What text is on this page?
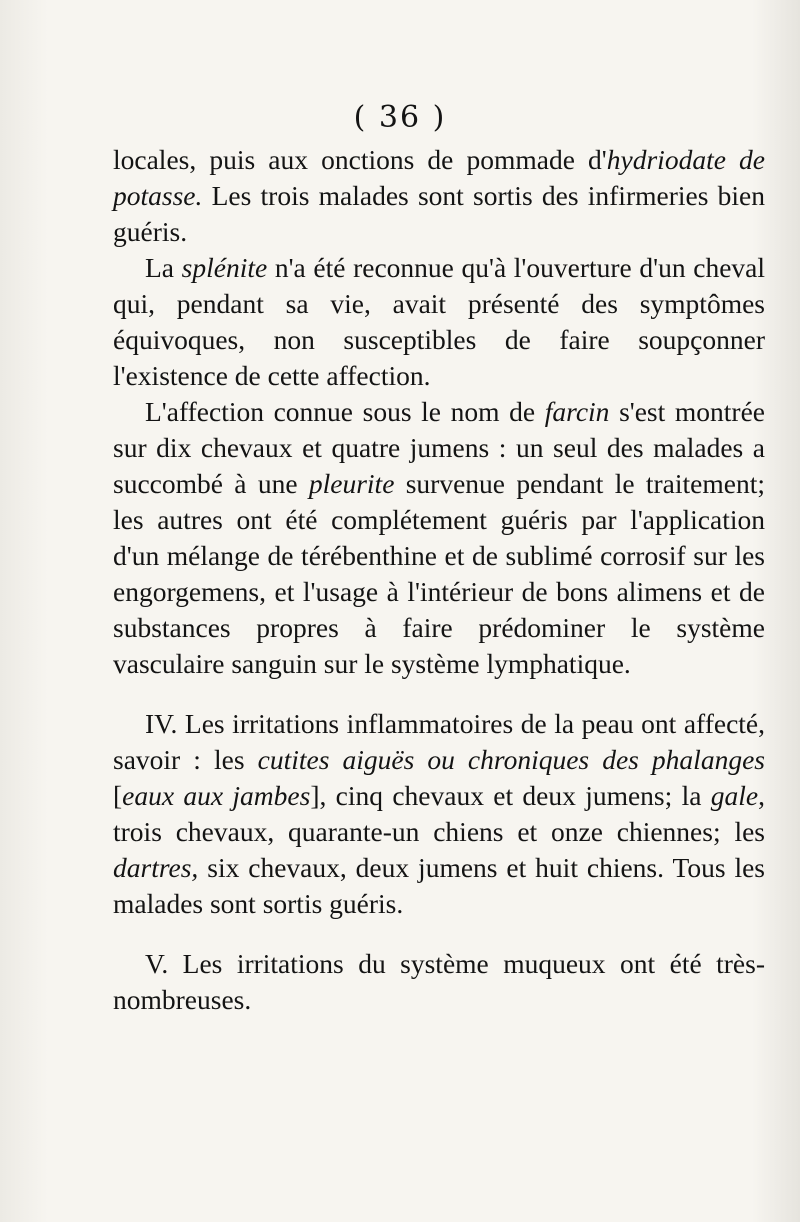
( 36 )

locales, puis aux onctions de pommade d'hydriodate de potasse. Les trois malades sont sortis des infirmeries bien guéris.

La splénite n'a été reconnue qu'à l'ouverture d'un cheval qui, pendant sa vie, avait présenté des symptômes équivoques, non susceptibles de faire soupçonner l'existence de cette affection.

L'affection connue sous le nom de farcin s'est montrée sur dix chevaux et quatre jumens : un seul des malades a succombé à une pleurite survenue pendant le traitement; les autres ont été complétement guéris par l'application d'un mélange de térébenthine et de sublimé corrosif sur les engorgemens, et l'usage à l'intérieur de bons alimens et de substances propres à faire prédominer le système vasculaire sanguin sur le système lymphatique.

IV. Les irritations inflammatoires de la peau ont affecté, savoir : les cutites aiguës ou chroniques des phalanges [eaux aux jambes], cinq chevaux et deux jumens; la gale, trois chevaux, quarante-un chiens et onze chiennes; les dartres, six chevaux, deux jumens et huit chiens. Tous les malades sont sortis guéris.

V. Les irritations du système muqueux ont été très-nombreuses.
